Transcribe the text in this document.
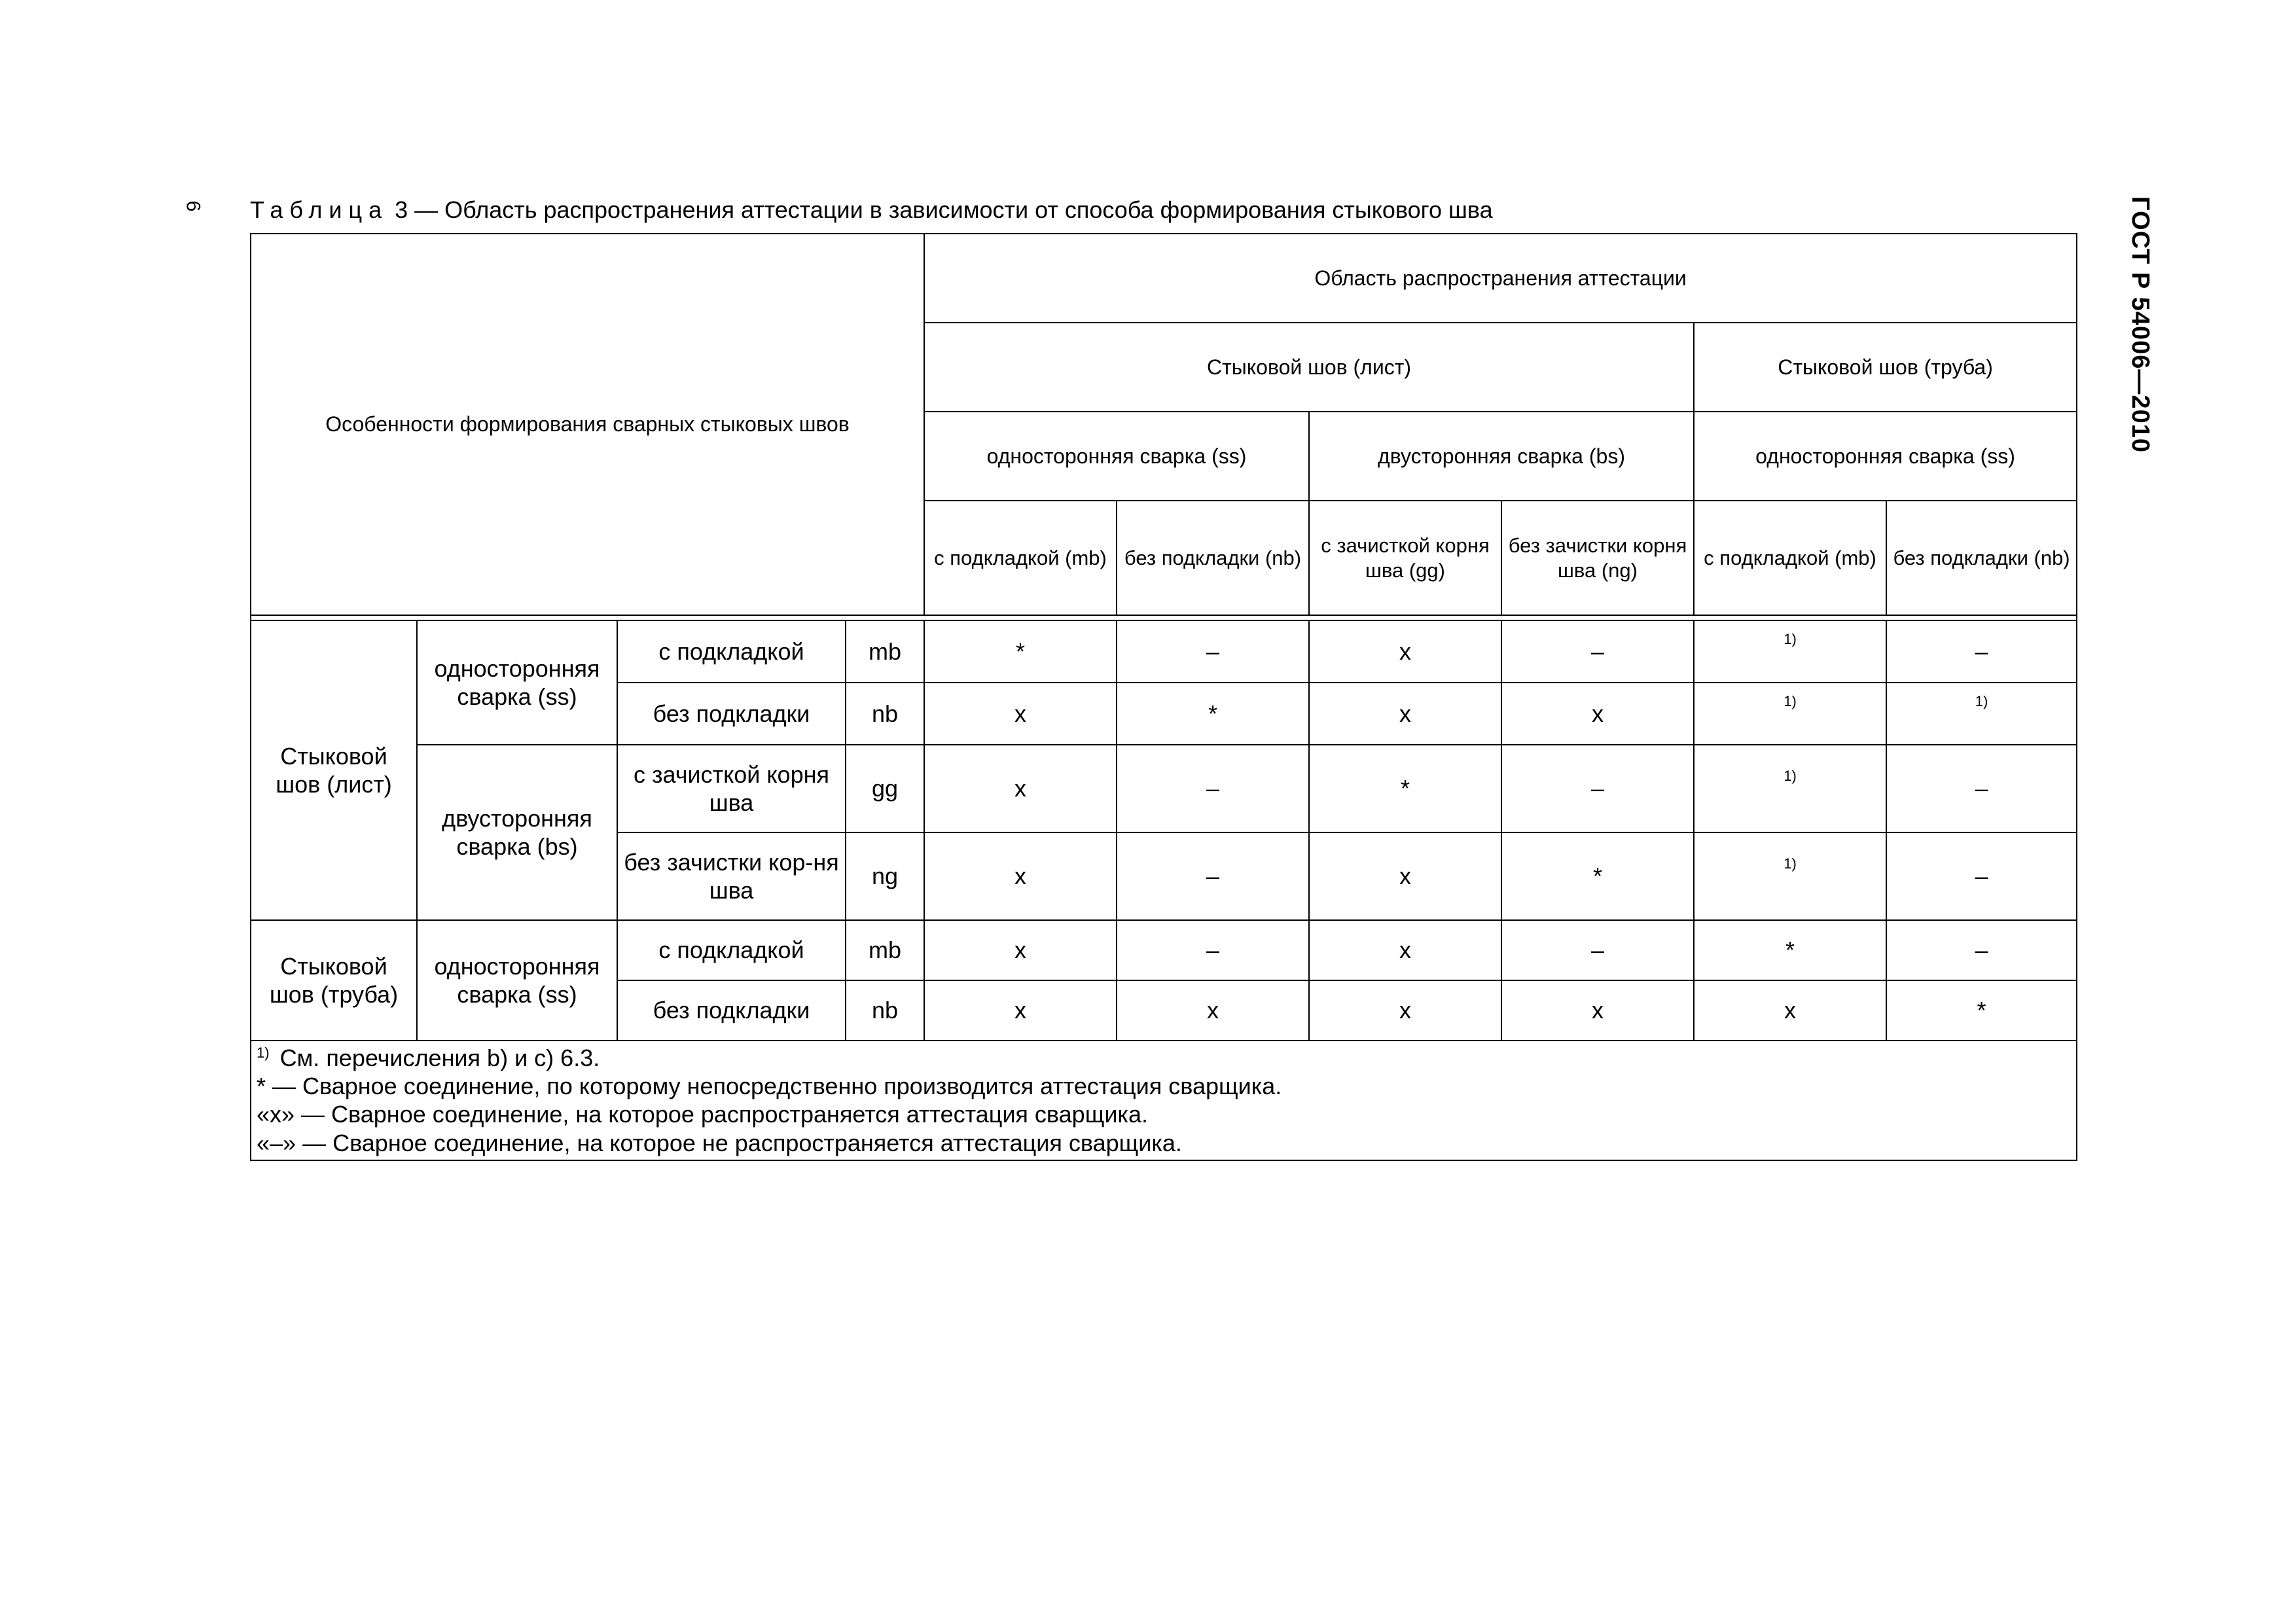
6	ГОСТ Р 54006—2010
Таблица 3 — Область распространения аттестации в зависимости от способа формирования стыкового шва
Особенности формирования сварных стыковых швов				Область распространения аттестации					
				Стыковой шов (лист)				Стыковой шов (труба)	
				односторонняя сварка (ss)		двусторонняя сварка (bs)		односторонняя сварка (ss)	
				с подкладкой (mb)	без подкладки (nb)	с зачисткой корня шва (gg)	без зачистки корня шва (ng)	с подкладкой (mb)	без подкладки (nb)

Стыковой шов (лист)	односторонняя сварка (ss)	с подкладкой	mb	*	–	x	–	$^{1)}$	–
		без подкладки	nb	x	*	x	x	$^{1)}$	$^{1)}$
	двусторонняя сварка (bs)	с зачисткой корня шва	gg	x	–	*	–	$^{1)}$	–
		без зачистки кор-ня шва	ng	x	–	x	*	$^{1)}$	–
Стыковой шов (труба)	односторонняя сварка (ss)	с подкладкой	mb	x	–	x	–	*	–
		без подкладки	nb	x	x	x	x	x	*

$^{1)}$ См. перечисления b) и c) 6.3.
* — Сварное соединение, по которому непосредственно производится аттестация сварщика.
«x» — Сварное соединение, на которое распространяется аттестация сварщика.
«–» — Сварное соединение, на которое не распространяется аттестация сварщика.									
